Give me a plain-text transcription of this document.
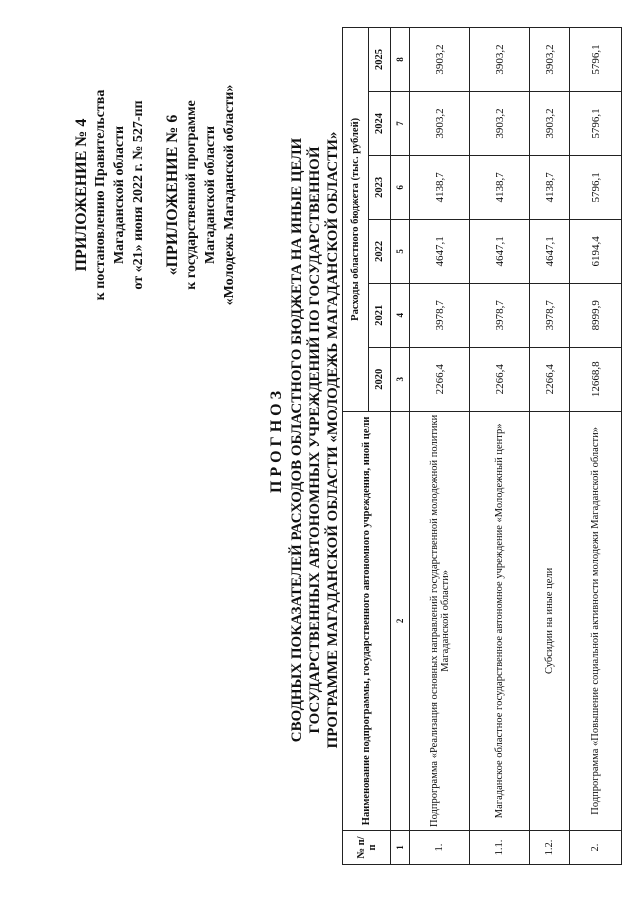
ПРИЛОЖЕНИЕ № 4 к постановлению Правительства Магаданской области от «21» июня 2022 г. № 527-пп «ПРИЛОЖЕНИЕ № 6 к государственной программе Магаданской области «Молодежь Магаданской области»

ПРОГНОЗ СВОДНЫХ ПОКАЗАТЕЛЕЙ РАСХОДОВ ОБЛАСТНОГО БЮДЖЕТА НА ИНЫЕ ЦЕЛИ ГОСУДАРСТВЕННЫХ АВТОНОМНЫХ УЧРЕЖДЕНИЙ ПО ГОСУДАРСТВЕННОЙ ПРОГРАММЕ МАГАДАНСКОЙ ОБЛАСТИ «МОЛОДЕЖЬ МАГАДАНСКОЙ ОБЛАСТИ»

№ п/п	Наименование подпрограммы, государственного автономного учреждения, иной цели	Расходы областного бюджета (тыс. рублей)					
		2020	2021	2022	2023	2024	2025
1	2	3	4	5	6	7	8
1.	Подпрограмма «Реализация основных направлений государственной молодежной политики Магаданской области»	2266,4	3978,7	4647,1	4138,7	3903,2	3903,2
1.1.	Магаданское областное государственное автономное учреждение «Молодежный центр»	2266,4	3978,7	4647,1	4138,7	3903,2	3903,2
1.2.	Субсидии на иные цели	2266,4	3978,7	4647,1	4138,7	3903,2	3903,2
2.	Подпрограмма «Повышение социальной активности молодежи Магаданской области»	12668,8	8999,9	6194,4	5796,1	5796,1	5796,1
